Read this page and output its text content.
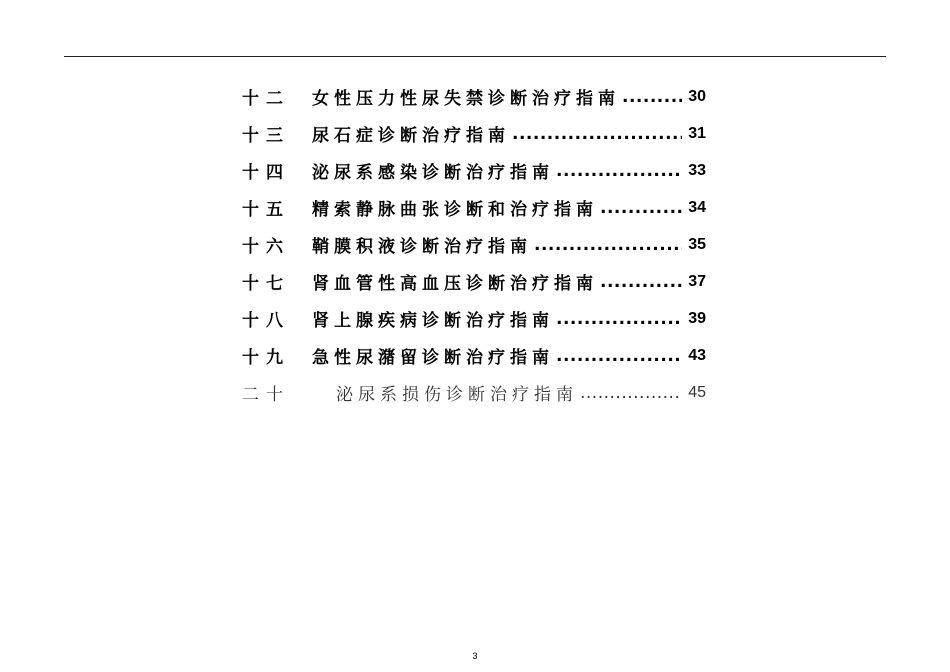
十二	女性压力性尿失禁诊断治疗指南 .....	30
十三	尿石症诊断治疗指南 .....	31
十四	泌尿系感染诊断治疗指南 .....	33
十五	精索静脉曲张诊断和治疗指南 .....	34
十六	鞘膜积液诊断治疗指南 .....	35
十七	肾血管性高血压诊断治疗指南 .....	37
十八	肾上腺疾病诊断治疗指南 .....	39
十九	急性尿潴留诊断治疗指南 .....	43
二十	泌尿系损伤诊断治疗指南 .....	45
3
